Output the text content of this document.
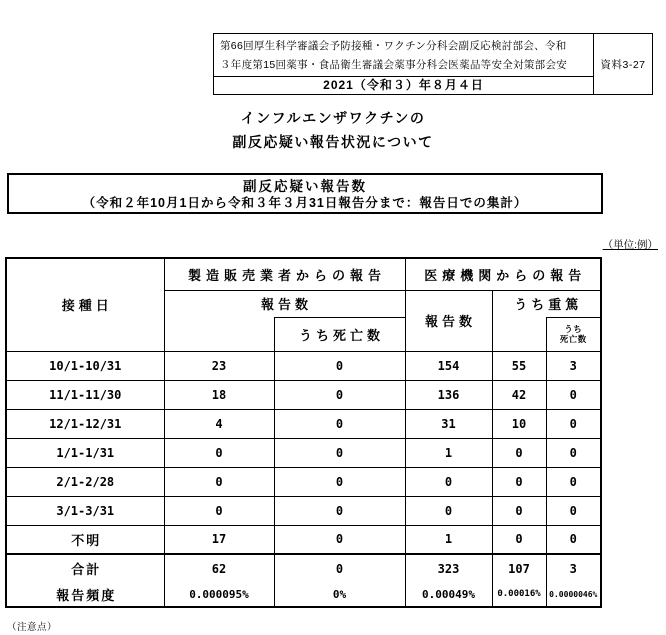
第66回厚生科学審議会予防接種・ワクチン分科会副反応検討部会、令和
３年度第15回薬事・食品衛生審議会薬事分科会医薬品等安全対策部会安
2021（令和３）年８月４日
資料3-27
インフルエンザワクチンの
副反応疑い報告状況について
副反応疑い報告数
（令和２年10月1日から令和３年３月31日報告分まで：報告日での集計）
（単位:例）
接種日	製造販売業者からの報告		医療機関からの報告		
	報告数		報告数	うち重篤	
		うち死亡数			うち
死亡数

10/1-10/31	23	0	154	55	3
11/1-11/30	18	0	136	42	0
12/1-12/31	4	0	31	10	0
1/1-1/31	0	0	1	0	0
2/1-2/28	0	0	0	0	0
3/1-3/31	0	0	0	0	0
不明	17	0	1	0	0
合計	62	0	323	107	3
報告頻度	0.000095%	0%	0.00049%	0.00016%	0.0000046%
（注意点）
